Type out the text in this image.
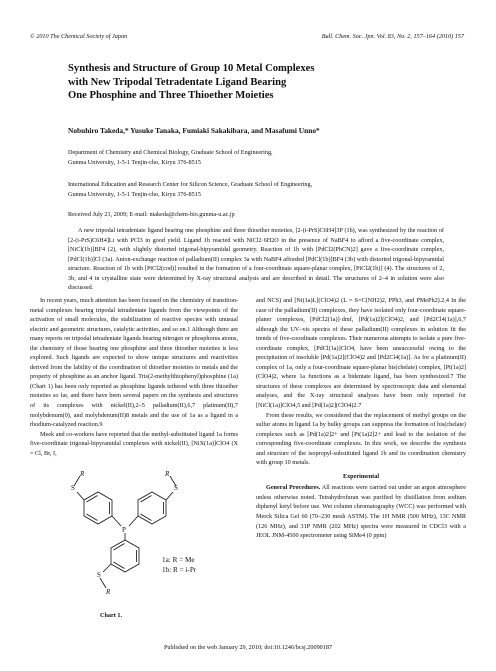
© 2010 The Chemical Society of Japan	Bull. Chem. Soc. Jpn. Vol. 83, No. 2, 157–164 (2010) 157
Synthesis and Structure of Group 10 Metal Complexes
with New Tripodal Tetradentate Ligand Bearing
One Phosphine and Three Thioether Moieties
Nobuhiro Takeda,* Yusuke Tanaka, Fumiaki Sakakibara, and Masafumi Unno*
Department of Chemistry and Chemical Biology, Graduate School of Engineering,
Gunma University, 1-5-1 Tenjin-cho, Kiryu 376-8515
International Education and Research Center for Silicon Science, Graduate School of Engineering,
Gunma University, 1-5-1 Tenjin-cho, Kiryu 376-8515
Received July 21, 2009; E-mail: ntakeda@chem-bio.gunma-u.ac.jp
A new tripodal tetradentate ligand bearing one phosphine and three thioether moieties, [2-(i-PrS)C6H4]3P (1b), was synthesized by the reaction of [2-(i-PrS)C6H4]Li with PCl3 in good yield. Ligand 1b reacted with NiCl2·6H2O in the presence of NaBF4 to afford a five-coordinate complex, [NiCl(1b)]BF4 (2), with slightly distorted trigonal-bipyramidal geometry. Reaction of 1b with [PdCl2(PhCN)2] gave a five-coordinate complex, [PdCl(1b)]Cl (3a). Anion-exchange reaction of palladium(II) complex 3a with NaBF4 afforded [PdCl(1b)]BF4 (3b) with distorted trigonal-bipyramidal structure. Reaction of 1b with [PtCl2(cod)] resulted in the formation of a four-coordinate square-planar complex, [PtCl2(1b)] (4). The structures of 2, 3b, and 4 in crystalline state were determined by X-ray structural analysis and are described in detail. The structures of 2–4 in solution were also discussed.

In recent years, much attention has been focused on the chemistry of transition-metal complexes bearing tripodal tetradentate ligands from the viewpoints of the activation of small molecules, the stabilization of reactive species with unusual electric and geometric structures, catalytic activities, and so on.1 Although there are many reports on tripodal tetradentate ligands bearing nitrogen or phosphorus atoms, the chemistry of those bearing one phosphine and three thioether moieties is less explored. Such ligands are expected to show unique structures and reactivities derived from the lability of the coordination of thioether moieties to metals and the property of phosphine as an anchor ligand. Tris(2-methylthiophenyl)phosphine (1a) (Chart 1) has been only reported as phosphine ligands tethered with three thioether moieties so far, and there have been several papers on the synthesis and structures of its complexes with nickel(II),2–5 palladium(II),6,7 platinum(II),7 molybdenum(0), and molybdenum(II)8 metals and the use of 1a as a ligand in a rhodium-catalyzed reaction.9

Meek and co-workers have reported that the methyl-substituted ligand 1a forms five-coordinate trigonal-bipyramidal complexes with nickel(II), [NiX(1a)]ClO4 (X = Cl, Br, I,

and NCS) and [Ni(1a)L](ClO4)2 (L = S=C(NH2)2, PPh3, and PMePh2).2,4 In the case of the palladium(II) complexes, they have isolated only four-coordinate square-planer complexes, [PdCl2(1a)]·dmf, [Pd(1a)2](ClO4)2, and [Pd2Cl4(1a)],6,7 although the UV–vis spectra of these palladium(II) complexes in solution fit the trends of five-coordinate complexes. Their numerous attempts to isolate a pure five-coordinate complex, [PdCl(1a)]ClO4, have been unsuccessful owing to the precipitation of insoluble [Pd(1a)2](ClO4)2 and [Pd2Cl4(1a)]. As for a platinum(II) complex of 1a, only a four-coordinate square-planar bis(chelate) complex, [Pt(1a)2](ClO4)2, where 1a functions as a bidentate ligand, has been synthesized.7 The structures of these complexes are determined by spectroscopic data and elemental analyses, and the X-ray structural analyses have been only reported for [NiCl(1a)]ClO4,5 and [Pd(1a)2](ClO4)2.7

From these results, we considered that the replacement of methyl groups on the sulfur atoms in ligand 1a by bulky groups can suppress the formation of bis(chelate) complexes such as [Pd(1a)2]2+ and [Pt(1a)2]2+ and lead to the isolation of the corresponding five-coordinate complexes. In this work, we describe the synthesis and structure of the isopropyl-substituted ligand 1b and its coordination chemistry with group 10 metals.

Experimental

General Procedures. All reactions were carried out under an argon atmosphere unless otherwise noted. Tetrahydrofuran was purified by distillation from sodium diphenyl ketyl before use. Wet column chromatography (WCC) was performed with Merck Silica Gel 60 (70–230 mesh ASTM). The 1H NMR (500 MHz), 13C NMR (126 MHz), and 31P NMR (202 MHz) spectra were measured in CDCl3 with a JEOL JNM-4500 spectrometer using SiMe4 (0 ppm)

P
S	S
S
R	R
R
1a: R = Me
1b: R = i-Pr
Chart 1.
Published on the web January 29, 2010; doi:10.1246/bcsj.20090187
